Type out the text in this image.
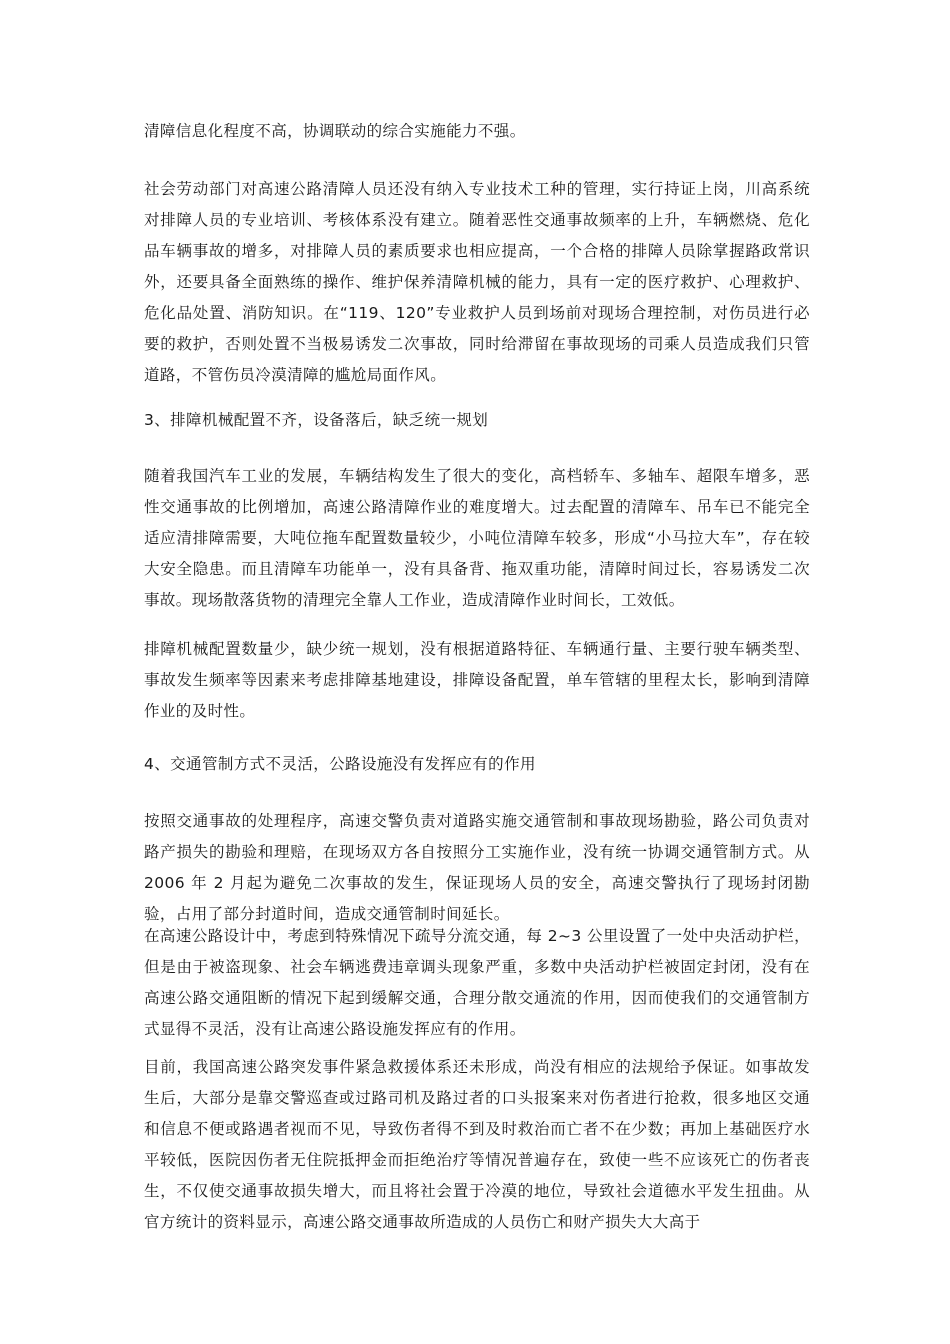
清障信息化程度不高，协调联动的综合实施能力不强。

社会劳动部门对高速公路清障人员还没有纳入专业技术工种的管理，实行持证上岗，川高系统对排障人员的专业培训、考核体系没有建立。随着恶性交通事故频率的上升，车辆燃烧、危化品车辆事故的增多，对排障人员的素质要求也相应提高，一个合格的排障人员除掌握路政常识外，还要具备全面熟练的操作、维护保养清障机械的能力，具有一定的医疗救护、心理救护、危化品处置、消防知识。在“119、120”专业救护人员到场前对现场合理控制，对伤员进行必要的救护，否则处置不当极易诱发二次事故，同时给滞留在事故现场的司乘人员造成我们只管道路，不管伤员冷漠清障的尴尬局面作风。

3、排障机械配置不齐，设备落后，缺乏统一规划

随着我国汽车工业的发展，车辆结构发生了很大的变化，高档轿车、多轴车、超限车增多，恶性交通事故的比例增加，高速公路清障作业的难度增大。过去配置的清障车、吊车已不能完全适应清排障需要，大吨位拖车配置数量较少，小吨位清障车较多，形成“小马拉大车”，存在较大安全隐患。而且清障车功能单一，没有具备背、拖双重功能，清障时间过长，容易诱发二次事故。现场散落货物的清理完全靠人工作业，造成清障作业时间长，工效低。

排障机械配置数量少，缺少统一规划，没有根据道路特征、车辆通行量、主要行驶车辆类型、事故发生频率等因素来考虑排障基地建设，排障设备配置，单车管辖的里程太长，影响到清障作业的及时性。

4、交通管制方式不灵活，公路设施没有发挥应有的作用

按照交通事故的处理程序，高速交警负责对道路实施交通管制和事故现场勘验，路公司负责对路产损失的勘验和理赔，在现场双方各自按照分工实施作业，没有统一协调交通管制方式。从 2006 年 2 月起为避免二次事故的发生，保证现场人员的安全，高速交警执行了现场封闭勘验，占用了部分封道时间，造成交通管制时间延长。

在高速公路设计中，考虑到特殊情况下疏导分流交通，每 2~3 公里设置了一处中央活动护栏，但是由于被盗现象、社会车辆逃费违章调头现象严重，多数中央活动护栏被固定封闭，没有在高速公路交通阻断的情况下起到缓解交通，合理分散交通流的作用，因而使我们的交通管制方式显得不灵活，没有让高速公路设施发挥应有的作用。

目前，我国高速公路突发事件紧急救援体系还未形成，尚没有相应的法规给予保证。如事故发生后，大部分是靠交警巡查或过路司机及路过者的口头报案来对伤者进行抢救，很多地区交通和信息不便或路遇者视而不见，导致伤者得不到及时救治而亡者不在少数；再加上基础医疗水平较低，医院因伤者无住院抵押金而拒绝治疗等情况普遍存在，致使一些不应该死亡的伤者丧生，不仅使交通事故损失增大，而且将社会置于冷漠的地位，导致社会道德水平发生扭曲。从官方统计的资料显示，高速公路交通事故所造成的人员伤亡和财产损失大大高于
